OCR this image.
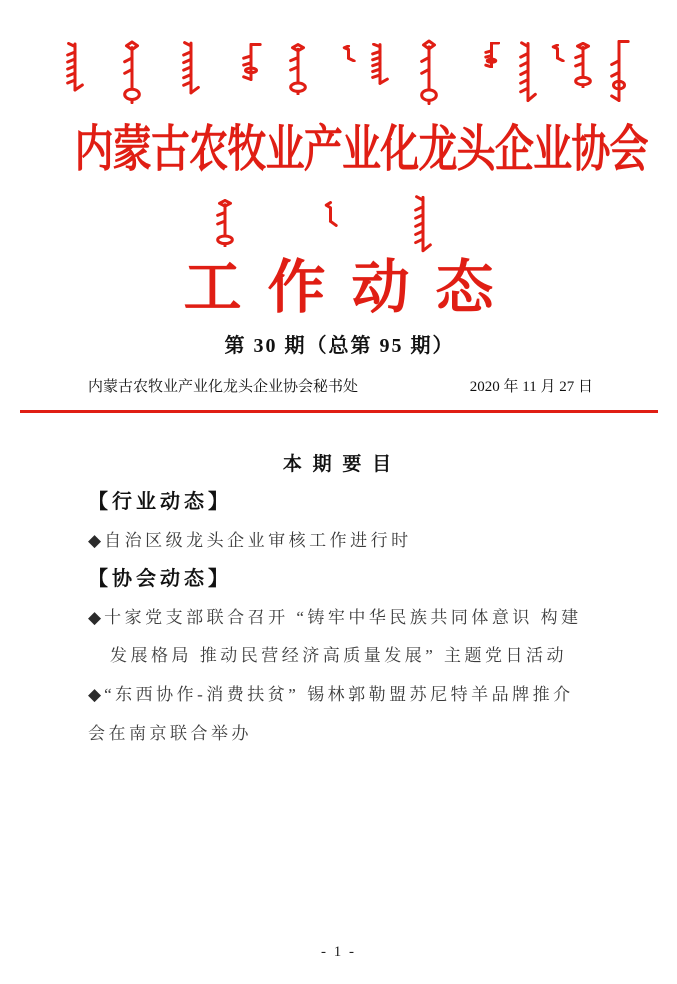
内蒙古农牧业产业化龙头企业协会
工作动态
第 30 期（总第 95 期）
内蒙古农牧业产业化龙头企业协会秘书处	2020 年 11 月 27 日
本 期 要 目
【行业动态】
◆ 自治区级龙头企业审核工作进行时
【协会动态】
◆ 十家党支部联合召开 “铸牢中华民族共同体意识 构建
发展格局 推动民营经济高质量发展” 主题党日活动
◆ “东西协作-消费扶贫” 锡林郭勒盟苏尼特羊品牌推介
会在南京联合举办
- 1 -
